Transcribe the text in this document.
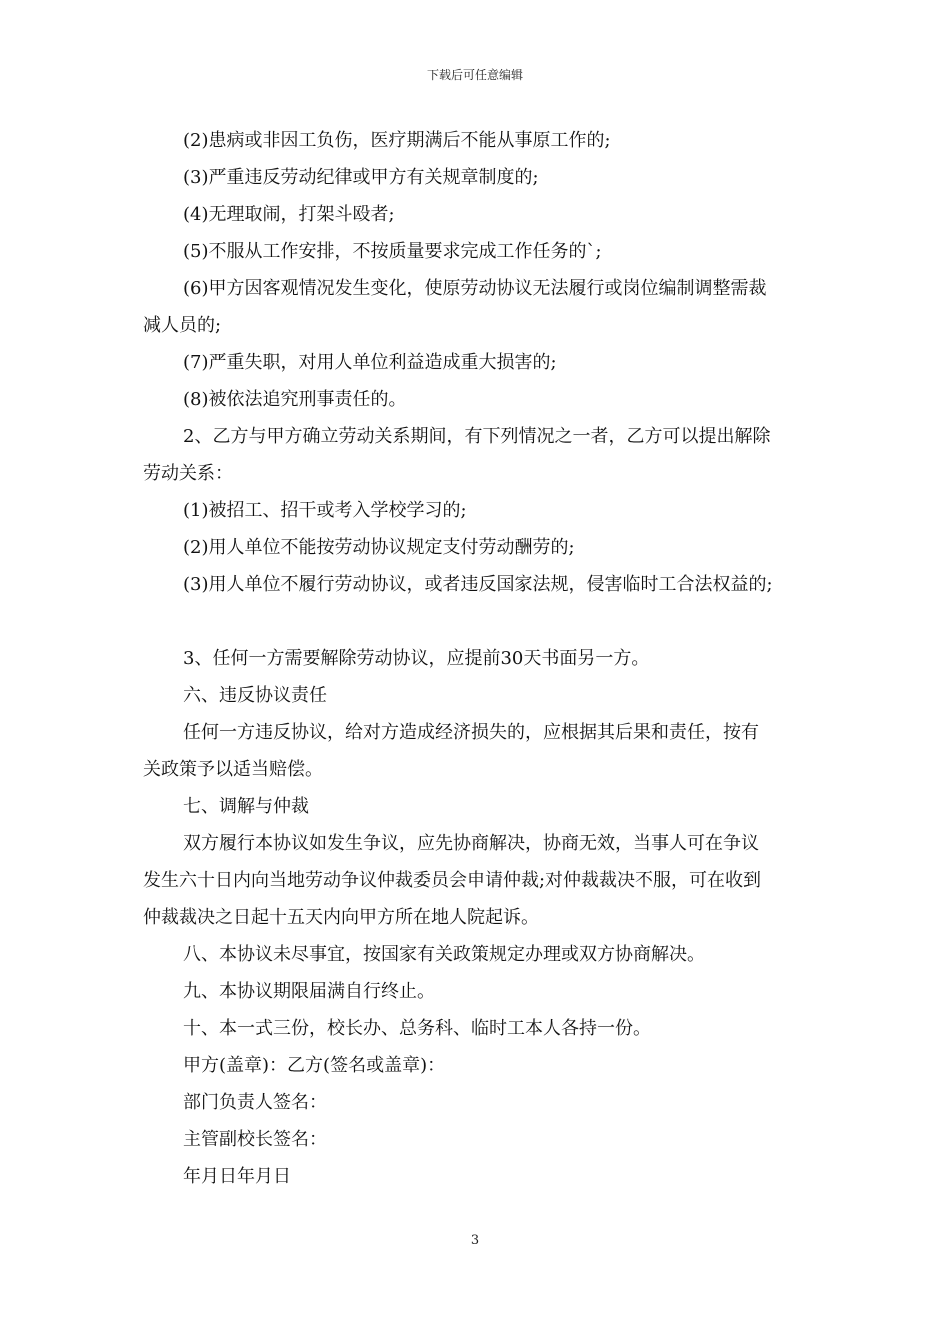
下载后可任意编辑

(2)患病或非因工负伤，医疗期满后不能从事原工作的;

(3)严重违反劳动纪律或甲方有关规章制度的;

(4)无理取闹，打架斗殴者;

(5)不服从工作安排，不按质量要求完成工作任务的`;

(6)甲方因客观情况发生变化，使原劳动协议无法履行或岗位编制调整需裁

减人员的;

(7)严重失职，对用人单位利益造成重大损害的;

(8)被依法追究刑事责任的。

2、乙方与甲方确立劳动关系期间，有下列情况之一者，乙方可以提出解除

劳动关系：

(1)被招工、招干或考入学校学习的;

(2)用人单位不能按劳动协议规定支付劳动酬劳的;

(3)用人单位不履行劳动协议，或者违反国家法规，侵害临时工合法权益的;

3、任何一方需要解除劳动协议，应提前30天书面另一方。

六、违反协议责任

任何一方违反协议，给对方造成经济损失的，应根据其后果和责任，按有

关政策予以适当赔偿。

七、调解与仲裁

双方履行本协议如发生争议，应先协商解决，协商无效，当事人可在争议

发生六十日内向当地劳动争议仲裁委员会申请仲裁;对仲裁裁决不服，可在收到

仲裁裁决之日起十五天内向甲方所在地人院起诉。

八、本协议未尽事宜，按国家有关政策规定办理或双方协商解决。

九、本协议期限届满自行终止。

十、本一式三份，校长办、总务科、临时工本人各持一份。

甲方(盖章)：乙方(签名或盖章)：

部门负责人签名：

主管副校长签名：

年月日年月日

3
